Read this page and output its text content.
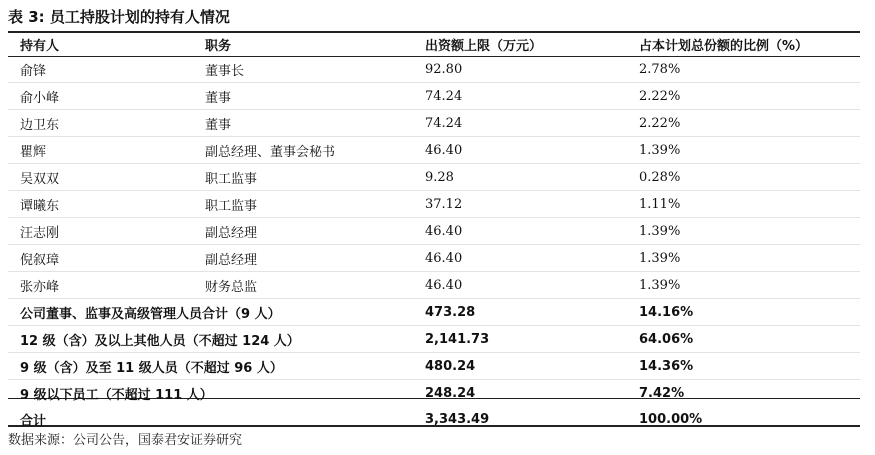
表 3: 员工持股计划的持有人情况
持有人	职务	出资额上限（万元）	占本计划总份额的比例（%）
俞锋	董事长	92.80	2.78%
俞小峰	董事	74.24	2.22%
边卫东	董事	74.24	2.22%
瞿辉	副总经理、董事会秘书	46.40	1.39%
吴双双	职工监事	9.28	0.28%
谭曦东	职工监事	37.12	1.11%
汪志刚	副总经理	46.40	1.39%
倪叙璋	副总经理	46.40	1.39%
张亦峰	财务总监	46.40	1.39%
公司董事、监事及高级管理人员合计（9 人）		473.28	14.16%
12 级（含）及以上其他人员（不超过 124 人）		2,141.73	64.06%
9 级（含）及至 11 级人员（不超过 96 人）		480.24	14.36%
9 级以下员工（不超过 111 人）		248.24	7.42%
合计		3,343.49	100.00%
数据来源：公司公告，国泰君安证券研究
